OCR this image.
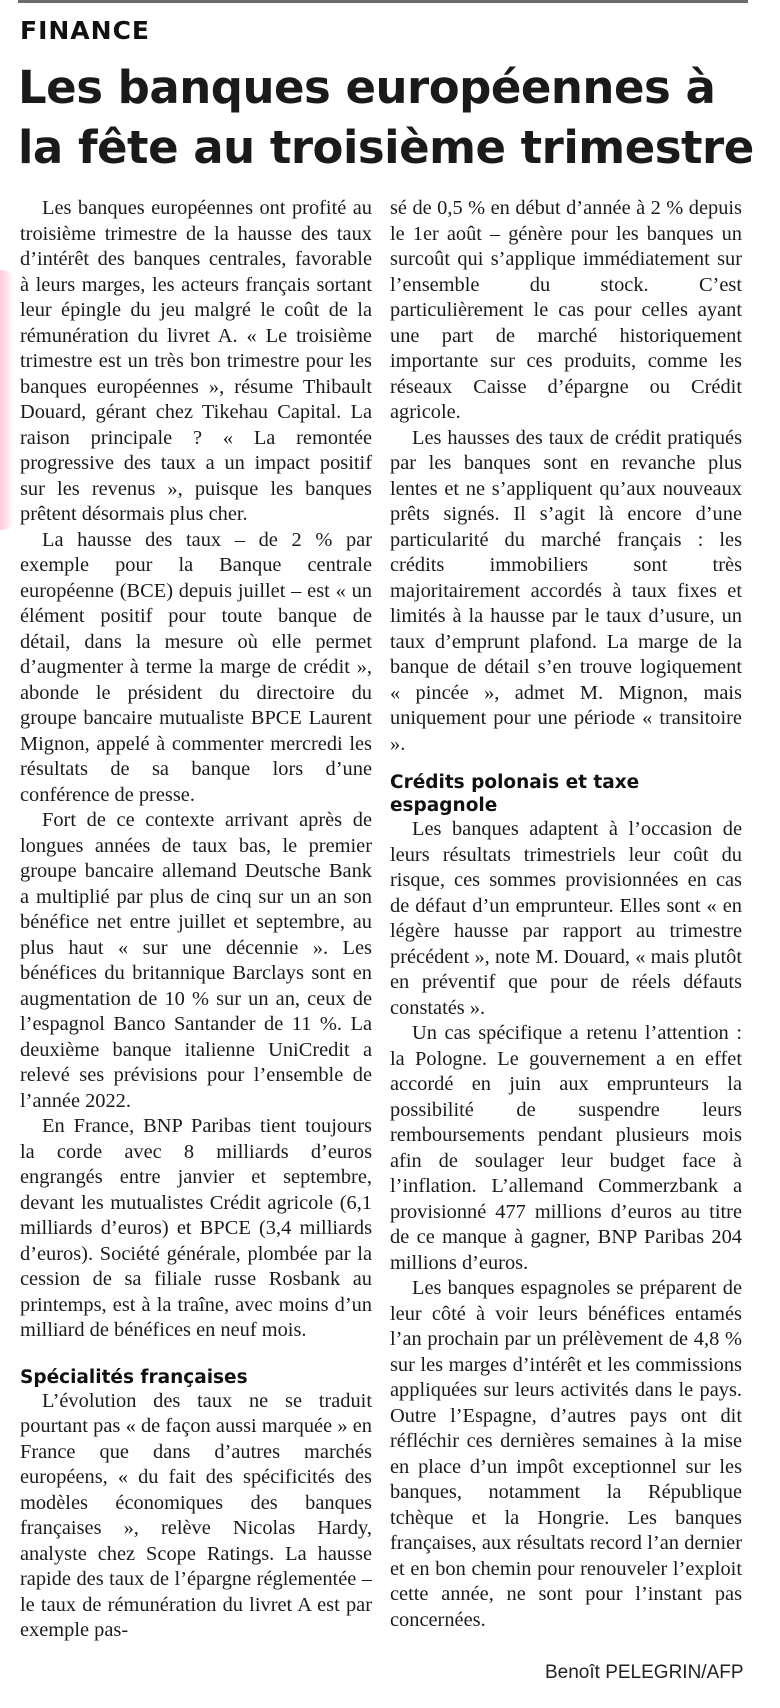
FINANCE
Les banques européennes à la fête au troisième trimestre

Les banques européennes ont profité au troisième trimestre de la hausse des taux d’intérêt des banques centrales, favorable à leurs marges, les acteurs français sortant leur épingle du jeu malgré le coût de la rémunération du livret A. « Le troisième trimestre est un très bon trimestre pour les banques européennes », résume Thibault Douard, gérant chez Tikehau Capital. La raison principale ? « La remontée progressive des taux a un impact positif sur les revenus », puisque les banques prêtent désormais plus cher.

La hausse des taux – de 2 % par exemple pour la Banque centrale européenne (BCE) depuis juillet – est « un élément positif pour toute banque de détail, dans la mesure où elle permet d’augmenter à terme la marge de crédit », abonde le président du directoire du groupe bancaire mutualiste BPCE Laurent Mignon, appelé à commenter mercredi les résultats de sa banque lors d’une conférence de presse.

Fort de ce contexte arrivant après de longues années de taux bas, le premier groupe bancaire allemand Deutsche Bank a multiplié par plus de cinq sur un an son bénéfice net entre juillet et septembre, au plus haut « sur une décennie ». Les bénéfices du britannique Barclays sont en augmentation de 10 % sur un an, ceux de l’espagnol Banco Santander de 11 %. La deuxième banque italienne UniCredit a relevé ses prévisions pour l’ensemble de l’année 2022.

En France, BNP Paribas tient toujours la corde avec 8 milliards d’euros engrangés entre janvier et septembre, devant les mutualistes Crédit agricole (6,1 milliards d’euros) et BPCE (3,4 milliards d’euros). Société générale, plombée par la cession de sa filiale russe Rosbank au printemps, est à la traîne, avec moins d’un milliard de bénéfices en neuf mois.

Spécialités françaises

L’évolution des taux ne se traduit pourtant pas « de façon aussi marquée » en France que dans d’autres marchés européens, « du fait des spécificités des modèles économiques des banques françaises », relève Nicolas Hardy, analyste chez Scope Ratings. La hausse rapide des taux de l’épargne réglementée – le taux de rémunération du livret A est par exemple pas-

sé de 0,5 % en début d’année à 2 % depuis le 1er août – génère pour les banques un surcoût qui s’applique immédiatement sur l’ensemble du stock. C’est particulièrement le cas pour celles ayant une part de marché historiquement importante sur ces produits, comme les réseaux Caisse d’épargne ou Crédit agricole.

Les hausses des taux de crédit pratiqués par les banques sont en revanche plus lentes et ne s’appliquent qu’aux nouveaux prêts signés. Il s’agit là encore d’une particularité du marché français : les crédits immobiliers sont très majoritairement accordés à taux fixes et limités à la hausse par le taux d’usure, un taux d’emprunt plafond. La marge de la banque de détail s’en trouve logiquement « pincée », admet M. Mignon, mais uniquement pour une période « transitoire ».

Crédits polonais et taxe espagnole

Les banques adaptent à l’occasion de leurs résultats trimestriels leur coût du risque, ces sommes provisionnées en cas de défaut d’un emprunteur. Elles sont « en légère hausse par rapport au trimestre précédent », note M. Douard, « mais plutôt en préventif que pour de réels défauts constatés ».

Un cas spécifique a retenu l’attention : la Pologne. Le gouvernement a en effet accordé en juin aux emprunteurs la possibilité de suspendre leurs remboursements pendant plusieurs mois afin de soulager leur budget face à l’inflation. L’allemand Commerzbank a provisionné 477 millions d’euros au titre de ce manque à gagner, BNP Paribas 204 millions d’euros.

Les banques espagnoles se préparent de leur côté à voir leurs bénéfices entamés l’an prochain par un prélèvement de 4,8 % sur les marges d’intérêt et les commissions appliquées sur leurs activités dans le pays. Outre l’Espagne, d’autres pays ont dit réfléchir ces dernières semaines à la mise en place d’un impôt exceptionnel sur les banques, notamment la République tchèque et la Hongrie. Les banques françaises, aux résultats record l’an dernier et en bon chemin pour renouveler l’exploit cette année, ne sont pour l’instant pas concernées.

Benoît PELEGRIN/AFP
